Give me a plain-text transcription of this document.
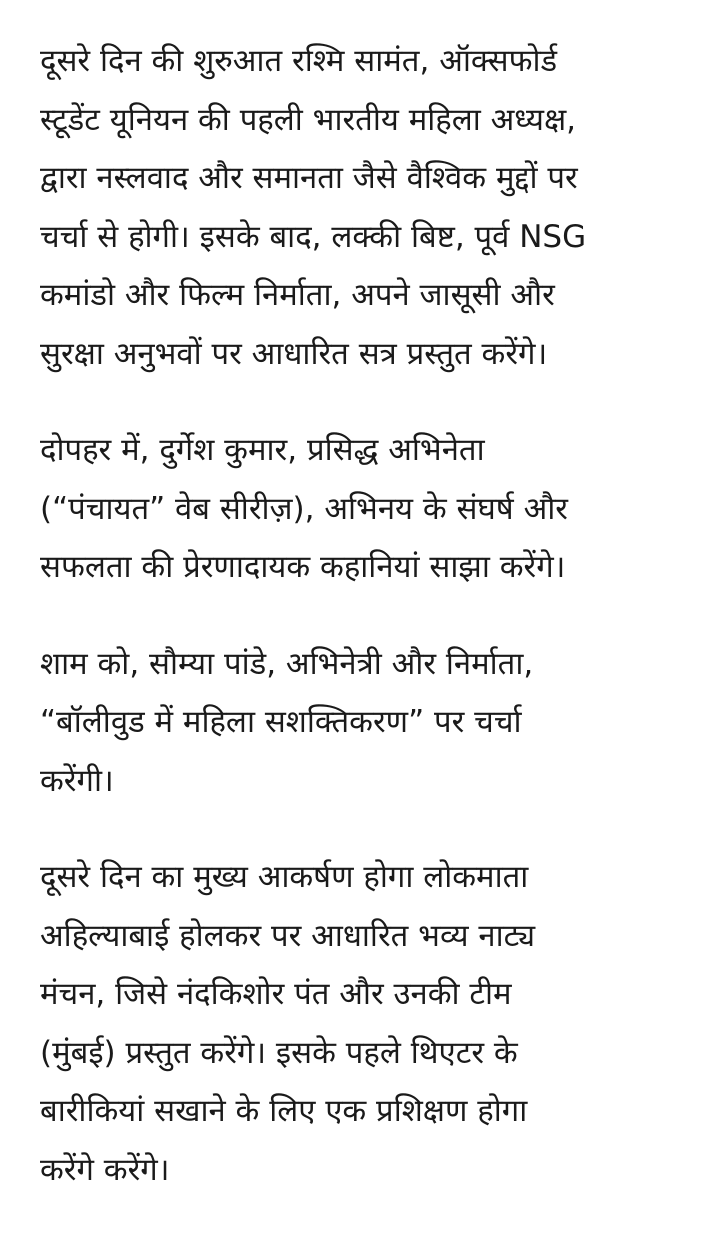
दूसरे दिन की शुरुआत रश्मि सामंत, ऑक्सफोर्ड
स्टूडेंट यूनियन की पहली भारतीय महिला अध्यक्ष,
द्वारा नस्लवाद और समानता जैसे वैश्विक मुद्दों पर
चर्चा से होगी। इसके बाद, लक्की बिष्ट, पूर्व NSG
कमांडो और फिल्म निर्माता, अपने जासूसी और
सुरक्षा अनुभवों पर आधारित सत्र प्रस्तुत करेंगे।

दोपहर में, दुर्गेश कुमार, प्रसिद्ध अभिनेता
(“पंचायत” वेब सीरीज़), अभिनय के संघर्ष और
सफलता की प्रेरणादायक कहानियां साझा करेंगे।

शाम को, सौम्या पांडे, अभिनेत्री और निर्माता,
“बॉलीवुड में महिला सशक्तिकरण” पर चर्चा
करेंगी।

दूसरे दिन का मुख्य आकर्षण होगा लोकमाता
अहिल्याबाई होलकर पर आधारित भव्य नाट्य
मंचन, जिसे नंदकिशोर पंत और उनकी टीम
(मुंबई) प्रस्तुत करेंगे। इसके पहले थिएटर के
बारीकियां सखाने के लिए एक प्रशिक्षण होगा
करेंगे करेंगे।
